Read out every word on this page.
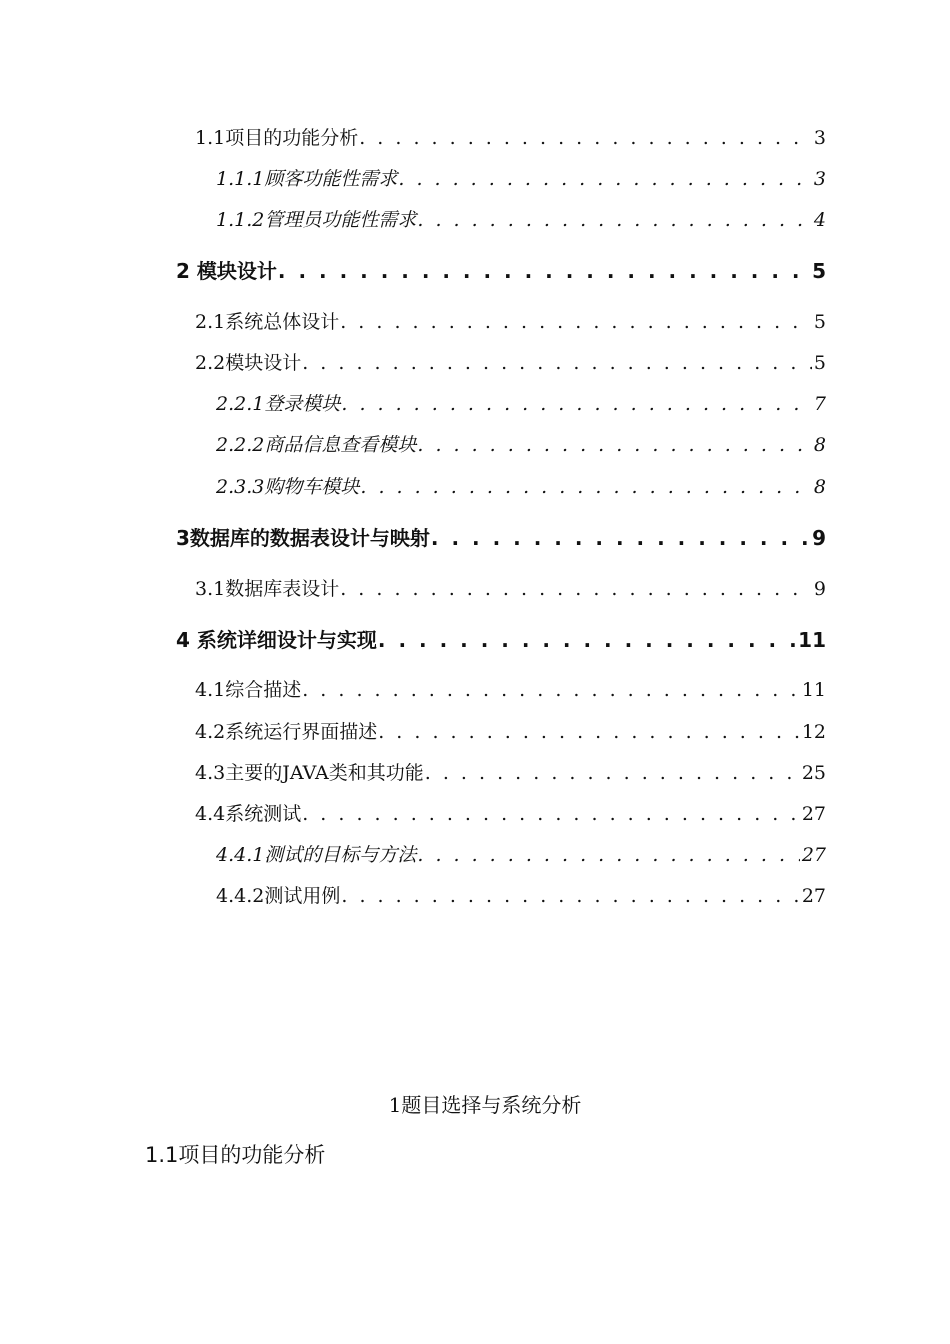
1.1项目的功能分析 . . .	3
1.1.1顾客功能性需求 . . .	3
1.1.2管理员功能性需求 . . .	4
2 模块设计 . . .	5
2.1系统总体设计 . . .	5
2.2模块设计 . . .	5
2.2.1登录模块 . . .	7
2.2.2商品信息查看模块 . . .	8
2.3.3购物车模块 . . .	8
3数据库的数据表设计与映射 . . .	9
3.1数据库表设计 . . .	9
4 系统详细设计与实现 . . .	11
4.1综合描述 . . .	11
4.2系统运行界面描述 . . .	12
4.3主要的JAVA类和其功能 . . .	25
4.4系统测试 . . .	27
4.4.1测试的目标与方法 . . .	27
4.4.2测试用例 . . .	27
1题目选择与系统分析
1.1项目的功能分析
